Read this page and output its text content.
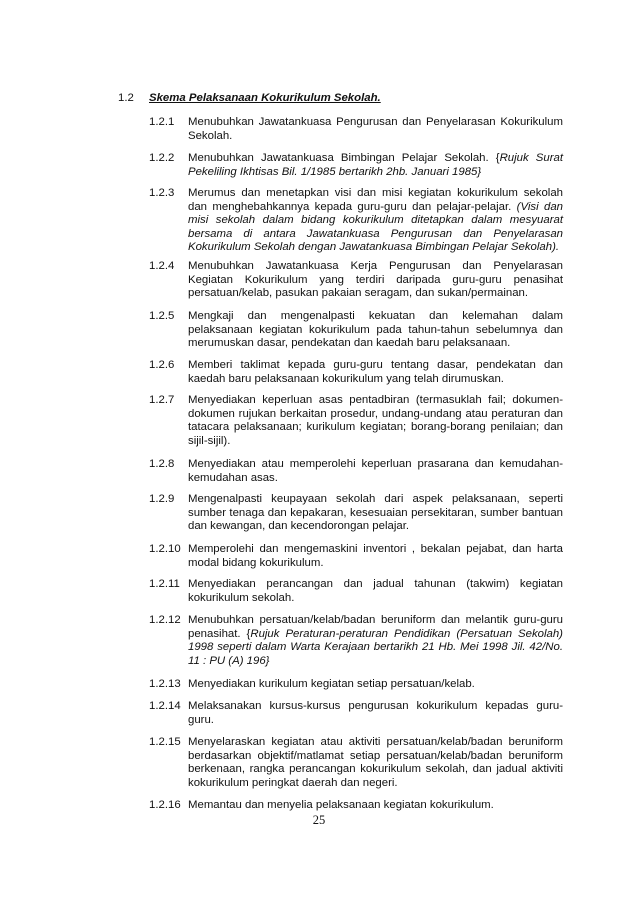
1.2 Skema Pelaksanaan Kokurikulum Sekolah.
1.2.1 Menubuhkan Jawatankuasa Pengurusan dan Penyelarasan Kokurikulum Sekolah.
1.2.2 Menubuhkan Jawatankuasa Bimbingan Pelajar Sekolah. {Rujuk Surat Pekeliling Ikhtisas Bil. 1/1985 bertarikh 2hb. Januari 1985}
1.2.3 Merumus dan menetapkan visi dan misi kegiatan kokurikulum sekolah dan menghebahkannya kepada guru-guru dan pelajar-pelajar. (Visi dan misi sekolah dalam bidang kokurikulum ditetapkan dalam mesyuarat bersama di antara Jawatankuasa Pengurusan dan Penyelarasan Kokurikulum Sekolah dengan Jawatankuasa Bimbingan Pelajar Sekolah).
1.2.4 Menubuhkan Jawatankuasa Kerja Pengurusan dan Penyelarasan Kegiatan Kokurikulum yang terdiri daripada guru-guru penasihat persatuan/kelab, pasukan pakaian seragam, dan sukan/permainan.
1.2.5 Mengkaji dan mengenalpasti kekuatan dan kelemahan dalam pelaksanaan kegiatan kokurikulum pada tahun-tahun sebelumnya dan merumuskan dasar, pendekatan dan kaedah baru pelaksanaan.
1.2.6 Memberi taklimat kepada guru-guru tentang dasar, pendekatan dan kaedah baru pelaksanaan kokurikulum yang telah dirumuskan.
1.2.7 Menyediakan keperluan asas pentadbiran (termasuklah fail; dokumen-dokumen rujukan berkaitan prosedur, undang-undang atau peraturan dan tatacara pelaksanaan; kurikulum kegiatan; borang-borang penilaian; dan sijil-sijil).
1.2.8 Menyediakan atau memperolehi keperluan prasarana dan kemudahan-kemudahan asas.
1.2.9 Mengenalpasti keupayaan sekolah dari aspek pelaksanaan, seperti sumber tenaga dan kepakaran, kesesuaian persekitaran, sumber bantuan dan kewangan, dan kecendorongan pelajar.
1.2.10 Memperolehi dan mengemaskini inventori , bekalan pejabat, dan harta modal bidang kokurikulum.
1.2.11 Menyediakan perancangan dan jadual tahunan (takwim) kegiatan kokurikulum sekolah.
1.2.12 Menubuhkan persatuan/kelab/badan beruniform dan melantik guru-guru penasihat. {Rujuk Peraturan-peraturan Pendidikan (Persatuan Sekolah) 1998 seperti dalam Warta Kerajaan bertarikh 21 Hb. Mei 1998 Jil. 42/No. 11 : PU (A) 196}
1.2.13 Menyediakan kurikulum kegiatan setiap persatuan/kelab.
1.2.14 Melaksanakan kursus-kursus pengurusan kokurikulum kepadas guru-guru.
1.2.15 Menyelaraskan kegiatan atau aktiviti persatuan/kelab/badan beruniform berdasarkan objektif/matlamat setiap persatuan/kelab/badan beruniform berkenaan, rangka perancangan kokurikulum sekolah, dan jadual aktiviti kokurikulum peringkat daerah dan negeri.
1.2.16 Memantau dan menyelia pelaksanaan kegiatan kokurikulum.
25
